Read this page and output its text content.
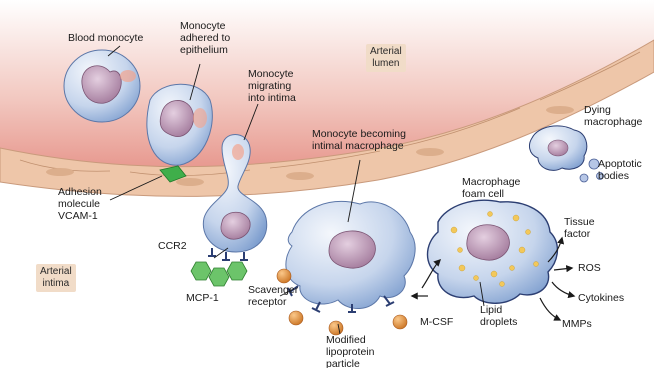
Blood monocyte
Monocyte
adhered to
epithelium	Arterial
lumen
Monocyte
migrating
into intima
Dying
macrophage
Monocyte becoming
intimal macrophage
Apoptotic
bodies
Macrophage
foam cell
Adhesion
molecule
VCAM-1	Tissue
factor
CCR2
Arterial
intima
ROS
Scavenger
receptor
MCP-1	Cytokines
Lipid
droplets
M-CSF	MMPs
Modified
lipoprotein
particle
